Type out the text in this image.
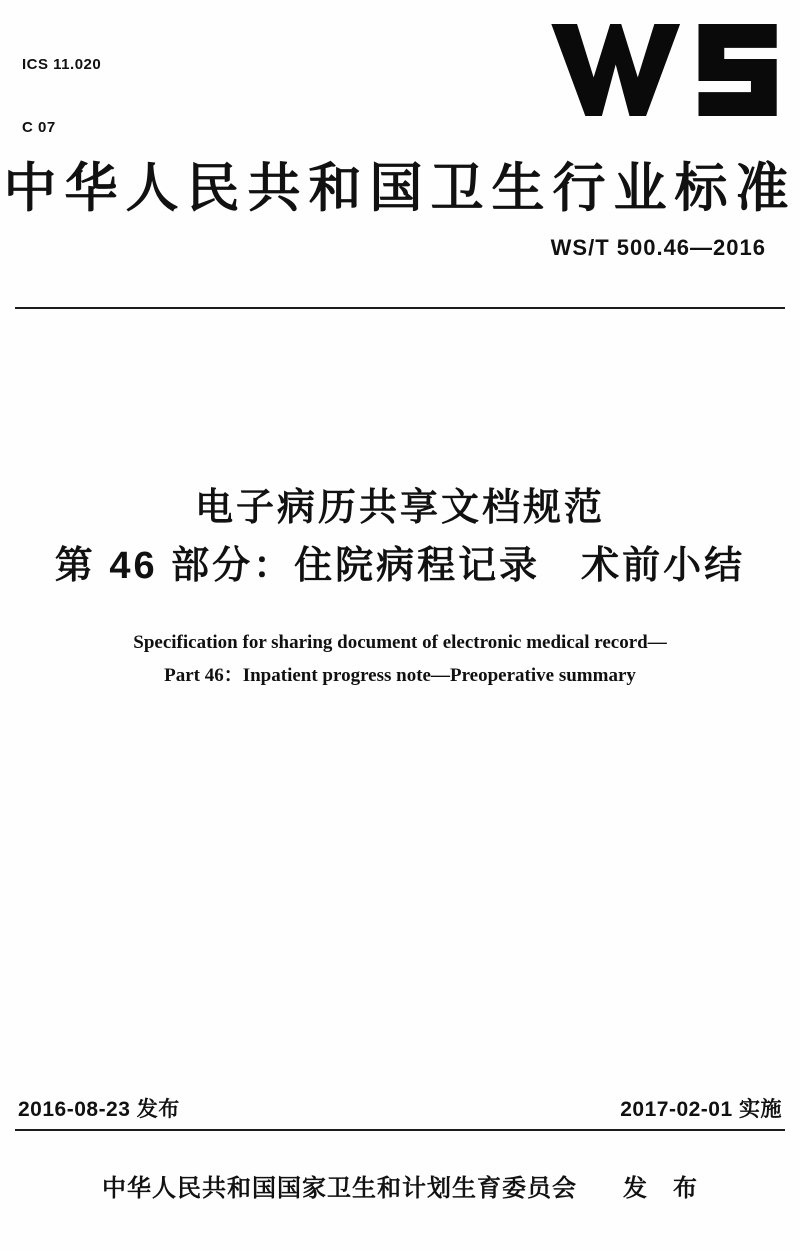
ICS 11.020

C 07

中华人民共和国卫生行业标准
WS/T 500.46—2016
电子病历共享文档规范
第 46 部分：住院病程记录　术前小结
Specification for sharing document of electronic medical record—
Part 46：Inpatient progress note—Preoperative summary
2016-08-23 发布	2017-02-01 实施
中华人民共和国国家卫生和计划生育委员会 发　布
